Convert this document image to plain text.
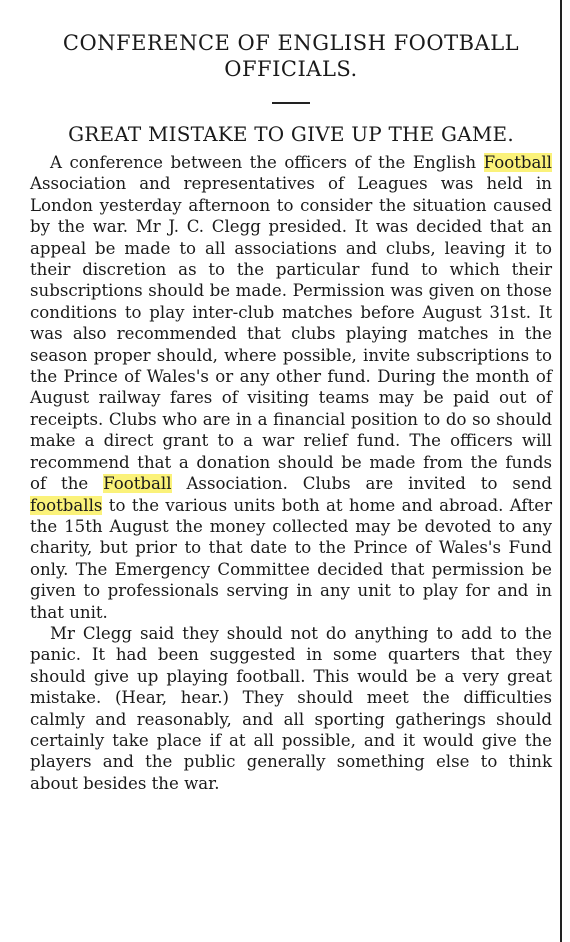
CONFERENCE OF ENGLISH FOOTBALL
OFFICIALS.
GREAT MISTAKE TO GIVE UP THE GAME.

A conference between the officers of the English Football Association and representatives of Leagues was held in London yesterday afternoon to consider the situation caused by the war. Mr J. C. Clegg presided. It was decided that an appeal be made to all associations and clubs, leaving it to their discretion as to the particular fund to which their subscriptions should be made. Permission was given on those conditions to play inter-club matches before August 31st. It was also recommended that clubs playing matches in the season proper should, where possible, invite subscriptions to the Prince of Wales's or any other fund. During the month of August railway fares of visiting teams may be paid out of receipts. Clubs who are in a financial position to do so should make a direct grant to a war relief fund. The officers will recommend that a donation should be made from the funds of the Football Association. Clubs are invited to send footballs to the various units both at home and abroad. After the 15th August the money collected may be devoted to any charity, but prior to that date to the Prince of Wales's Fund only. The Emergency Committee decided that permission be given to professionals serving in any unit to play for and in that unit.

Mr Clegg said they should not do anything to add to the panic. It had been suggested in some quarters that they should give up playing football. This would be a very great mistake. (Hear, hear.) They should meet the difficulties calmly and reasonably, and all sporting gatherings should certainly take place if at all possible, and it would give the players and the public generally something else to think about besides the war.
